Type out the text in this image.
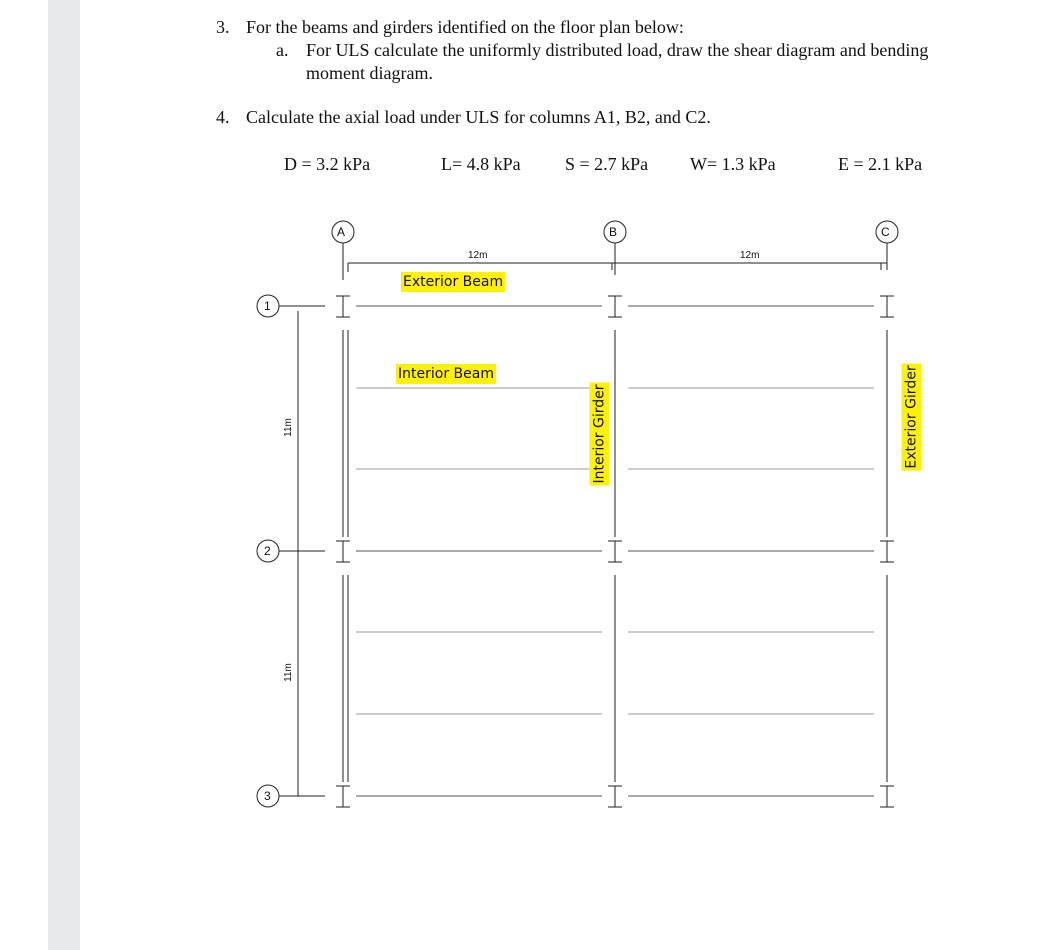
3. For the beams and girders identified on the floor plan below:
a. For ULS calculate the uniformly distributed load, draw the shear diagram and bending
moment diagram.
4. Calculate the axial load under ULS for columns A1, B2, and C2.
D = 3.2 kPa	L= 4.8 kPa S = 2.7 kPa W= 1.3 kPa	E = 2.1 kPa
A	B	C
1
2
3
12m	12m
11m
11m
Exterior Beam
Interior Beam
Interior Girder	Exterior Girder
